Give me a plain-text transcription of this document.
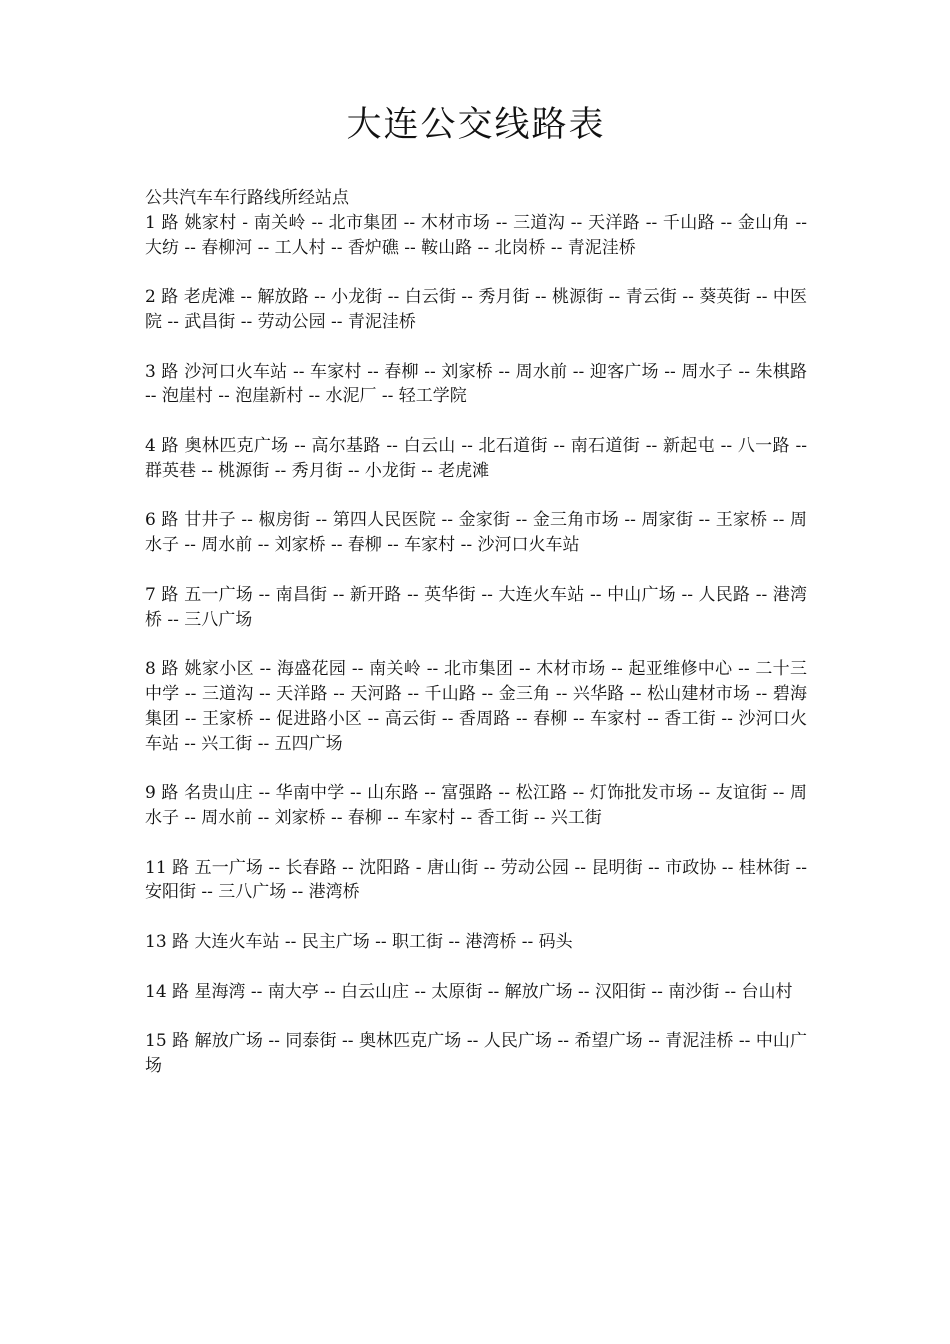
大连公交线路表

公共汽车车行路线所经站点

1 路 姚家村 - 南关岭 -- 北市集团 -- 木材市场 -- 三道沟 -- 天洋路 -- 千山路 -- 金山角 -- 大纺 -- 春柳河 -- 工人村 -- 香炉礁 -- 鞍山路 -- 北岗桥 -- 青泥洼桥
2 路 老虎滩 -- 解放路 -- 小龙街 -- 白云街 -- 秀月街 -- 桃源街 -- 青云街 -- 葵英街 -- 中医院 -- 武昌街 -- 劳动公园 -- 青泥洼桥
3 路 沙河口火车站 -- 车家村 -- 春柳 -- 刘家桥 -- 周水前 -- 迎客广场 -- 周水子 -- 朱棋路 -- 泡崖村 -- 泡崖新村 -- 水泥厂 -- 轻工学院
4 路 奥林匹克广场 -- 高尔基路 -- 白云山 -- 北石道街 -- 南石道街 -- 新起屯 -- 八一路 -- 群英巷 -- 桃源街 -- 秀月街 -- 小龙街 -- 老虎滩
6 路 甘井子 -- 椒房街 -- 第四人民医院 -- 金家街 -- 金三角市场 -- 周家街 -- 王家桥 -- 周水子 -- 周水前 -- 刘家桥 -- 春柳 -- 车家村 -- 沙河口火车站
7 路 五一广场 -- 南昌街 -- 新开路 -- 英华街 -- 大连火车站 -- 中山广场 -- 人民路 -- 港湾桥 -- 三八广场
8 路 姚家小区 -- 海盛花园 -- 南关岭 -- 北市集团 -- 木材市场 -- 起亚维修中心 -- 二十三中学 -- 三道沟 -- 天洋路 -- 天河路 -- 千山路 -- 金三角 -- 兴华路 -- 松山建材市场 -- 碧海集团 -- 王家桥 -- 促进路小区 -- 高云街 -- 香周路 -- 春柳 -- 车家村 -- 香工街 -- 沙河口火车站 -- 兴工街 -- 五四广场
9 路 名贵山庄 -- 华南中学 -- 山东路 -- 富强路 -- 松江路 -- 灯饰批发市场 -- 友谊街 -- 周水子 -- 周水前 -- 刘家桥 -- 春柳 -- 车家村 -- 香工街 -- 兴工街
11 路 五一广场 -- 长春路 -- 沈阳路 - 唐山街 -- 劳动公园 -- 昆明街 -- 市政协 -- 桂林街 -- 安阳街 -- 三八广场 -- 港湾桥
13 路 大连火车站 -- 民主广场 -- 职工街 -- 港湾桥 -- 码头
14 路 星海湾 -- 南大亭 -- 白云山庄 -- 太原街 -- 解放广场 -- 汉阳街 -- 南沙街 -- 台山村
15 路 解放广场 -- 同泰街 -- 奥林匹克广场 -- 人民广场 -- 希望广场 -- 青泥洼桥 -- 中山广场
